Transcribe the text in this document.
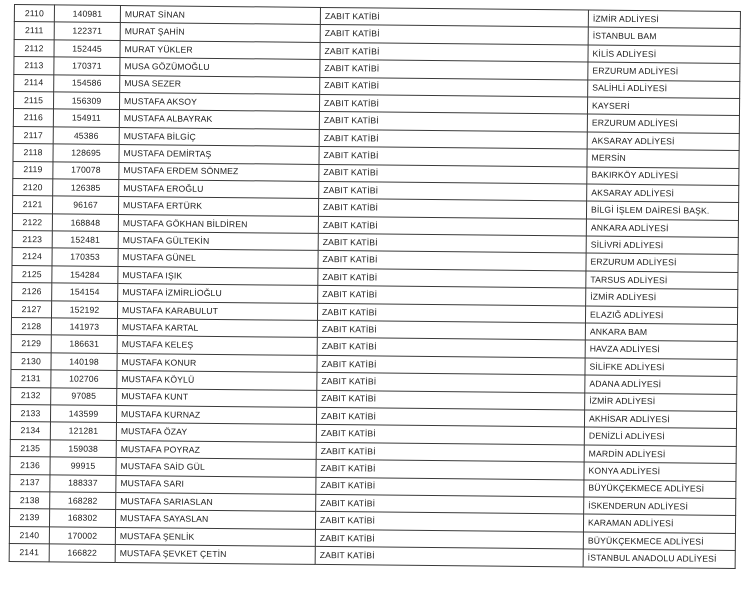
2110	140981	MURAT SİNAN	ZABIT KATİBİ	İZMİR ADLİYESİ
2111	122371	MURAT ŞAHİN	ZABIT KATİBİ	İSTANBUL BAM
2112	152445	MURAT YÜKLER	ZABIT KATİBİ	KİLİS ADLİYESİ
2113	170371	MUSA GÖZÜMOĞLU	ZABIT KATİBİ	ERZURUM ADLİYESİ
2114	154586	MUSA SEZER	ZABIT KATİBİ	SALİHLİ ADLİYESİ
2115	156309	MUSTAFA AKSOY	ZABIT KATİBİ	KAYSERİ
2116	154911	MUSTAFA ALBAYRAK	ZABIT KATİBİ	ERZURUM ADLİYESİ
2117	45386	MUSTAFA BİLGİÇ	ZABIT KATİBİ	AKSARAY ADLİYESİ
2118	128695	MUSTAFA DEMİRTAŞ	ZABIT KATİBİ	MERSİN
2119	170078	MUSTAFA ERDEM SÖNMEZ	ZABIT KATİBİ	BAKIRKÖY ADLİYESİ
2120	126385	MUSTAFA EROĞLU	ZABIT KATİBİ	AKSARAY ADLİYESİ
2121	96167	MUSTAFA ERTÜRK	ZABIT KATİBİ	BİLGİ İŞLEM DAİRESİ BAŞK.
2122	168848	MUSTAFA GÖKHAN BİLDİREN	ZABIT KATİBİ	ANKARA ADLİYESİ
2123	152481	MUSTAFA GÜLTEKİN	ZABIT KATİBİ	SİLİVRİ ADLİYESİ
2124	170353	MUSTAFA GÜNEL	ZABIT KATİBİ	ERZURUM ADLİYESİ
2125	154284	MUSTAFA IŞIK	ZABIT KATİBİ	TARSUS ADLİYESİ
2126	154154	MUSTAFA İZMİRLİOĞLU	ZABIT KATİBİ	İZMİR ADLİYESİ
2127	152192	MUSTAFA KARABULUT	ZABIT KATİBİ	ELAZIĞ ADLİYESİ
2128	141973	MUSTAFA KARTAL	ZABIT KATİBİ	ANKARA BAM
2129	186631	MUSTAFA KELEŞ	ZABIT KATİBİ	HAVZA ADLİYESİ
2130	140198	MUSTAFA KONUR	ZABIT KATİBİ	SİLİFKE ADLİYESİ
2131	102706	MUSTAFA KÖYLÜ	ZABIT KATİBİ	ADANA ADLİYESİ
2132	97085	MUSTAFA KUNT	ZABIT KATİBİ	İZMİR ADLİYESİ
2133	143599	MUSTAFA KURNAZ	ZABIT KATİBİ	AKHİSAR ADLİYESİ
2134	121281	MUSTAFA ÖZAY	ZABIT KATİBİ	DENİZLİ ADLİYESİ
2135	159038	MUSTAFA POYRAZ	ZABIT KATİBİ	MARDİN ADLİYESİ
2136	99915	MUSTAFA SAİD GÜL	ZABIT KATİBİ	KONYA ADLİYESİ
2137	188337	MUSTAFA SARI	ZABIT KATİBİ	BÜYÜKÇEKMECE ADLİYESİ
2138	168282	MUSTAFA SARIASLAN	ZABIT KATİBİ	İSKENDERUN ADLİYESİ
2139	168302	MUSTAFA SAYASLAN	ZABIT KATİBİ	KARAMAN ADLİYESİ
2140	170002	MUSTAFA ŞENLİK	ZABIT KATİBİ	BÜYÜKÇEKMECE ADLİYESİ
2141	166822	MUSTAFA ŞEVKET ÇETİN	ZABIT KATİBİ	İSTANBUL ANADOLU ADLİYESİ
